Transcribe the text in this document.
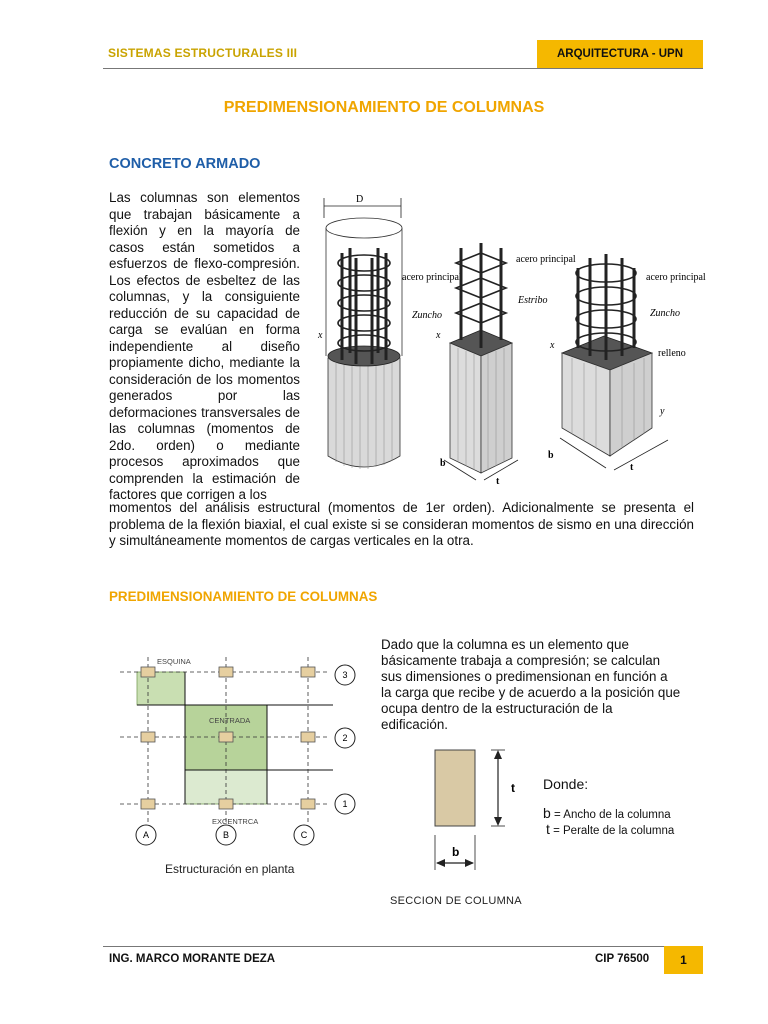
SISTEMAS ESTRUCTURALES III	ARQUITECTURA - UPN
PREDIMENSIONAMIENTO DE COLUMNAS
CONCRETO ARMADO
Las columnas son elementos que trabajan básicamente a flexión y en la mayoría de casos están sometidos a esfuerzos de flexo-compresión. Los efectos de esbeltez de las columnas, y la consiguiente reducción de su capacidad de carga se evalúan en forma independiente al diseño propiamente dicho, mediante la consideración de los momentos generados por las deformaciones transversales de las columnas (momentos de 2do. orden) o mediante procesos aproximados que comprenden la estimación de factores que corrigen a los
D
acero principal
Zuncho
x
acero principal
Estribo
x
b
t
acero principal
Zuncho
relleno
x
y
b
t
momentos del análisis estructural (momentos de 1er orden). Adicionalmente se presenta el problema de la flexión biaxial, el cual existe si se consideran momentos de sismo en una dirección y simultáneamente momentos de cargas verticales en la otra.
PREDIMENSIONAMIENTO DE COLUMNAS
3
2
1
A	B	C
ESQUINA
CENTRADA
EXCENTRCA
Estructuración en planta
Dado que la columna es un elemento que básicamente trabaja a compresión; se calculan sus dimensiones o predimensionan en función a la carga que recibe y de acuerdo a la posición que ocupa dentro de la estructuración de la edificación.
t
b
SECCION DE COLUMNA
Donde:
b = Ancho de la columna
t = Peralte de la columna
ING. MARCO MORANTE DEZA	CIP 76500	1
